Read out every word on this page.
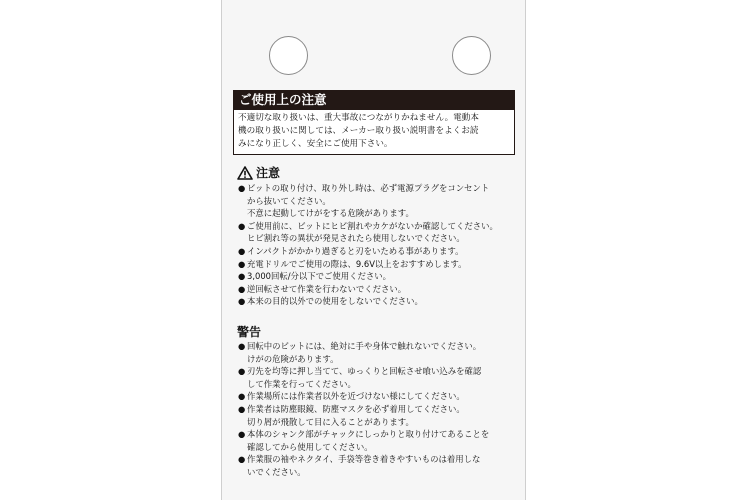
ご使用上の注意
不適切な取り扱いは、重大事故につながりかねません。電動本
機の取り扱いに関しては、メーカー取り扱い説明書をよくお読
みになり正しく、安全にご使用下さい。
注意
● ビットの取り付け、取り外し時は、必ず電源プラグをコンセント
から抜いてください。
不意に起動してけがをする危険があります。
● ご使用前に、ビットにヒビ割れやカケがないか確認してください。
ヒビ割れ等の異状が発見されたら使用しないでください。
● インパクトがかかり過ぎると刃をいためる事があります。
● 充電ドリルでご使用の際は、9.6V以上をおすすめします。
● 3,000回転/分以下でご使用ください。
● 逆回転させて作業を行わないでください。
● 本来の目的以外での使用をしないでください。
警告
● 回転中のビットには、絶対に手や身体で触れないでください。
けがの危険があります。
● 刃先を均等に押し当てて、ゆっくりと回転させ喰い込みを確認
して作業を行ってください。
● 作業場所には作業者以外を近づけない様にしてください。
● 作業者は防塵眼鏡、防塵マスクを必ず着用してください。
切り屑が飛散して目に入ることがあります。
● 本体のシャンク部がチャックにしっかりと取り付けてあることを
確認してから使用してください。
● 作業服の袖やネクタイ、手袋等巻き着きやすいものは着用しな
いでください。
